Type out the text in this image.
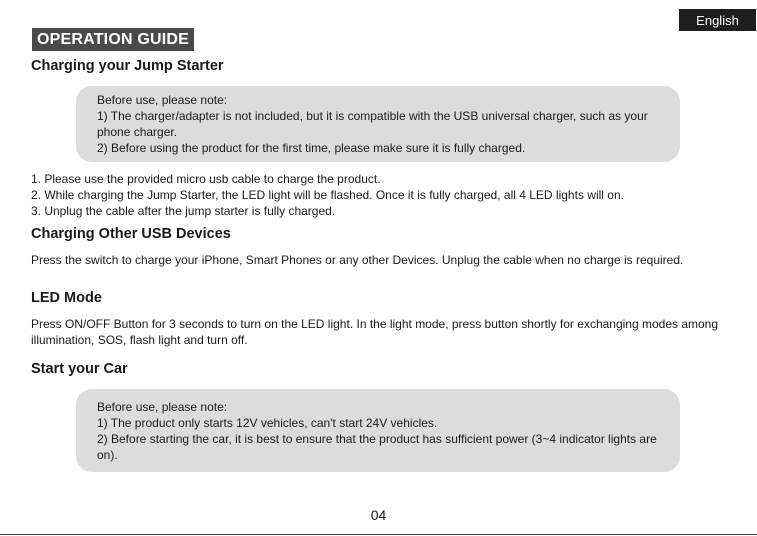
English
OPERATION GUIDE
Charging your Jump Starter

Before use, please note:

1) The charger/adapter is not included, but it is compatible with the USB universal charger, such as your phone charger.

2) Before using the product for the first time, please make sure it is fully charged.

1. Please use the provided micro usb cable to charge the product.
2. While charging the Jump Starter, the LED light will be flashed. Once it is fully charged, all 4 LED lights will on.
3. Unplug the cable after the jump starter is fully charged.
Charging Other USB Devices

Press the switch to charge your iPhone, Smart Phones or any other Devices. Unplug the cable when no charge is required.

LED Mode

Press ON/OFF Button for 3 seconds to turn on the LED light. In the light mode, press button shortly for exchanging modes among illumination, SOS, flash light and turn off.

Start your Car

Before use, please note:

1) The product only starts 12V vehicles, can't start 24V vehicles.

2) Before starting the car, it is best to ensure that the product has sufficient power (3~4 indicator lights are on).

04
